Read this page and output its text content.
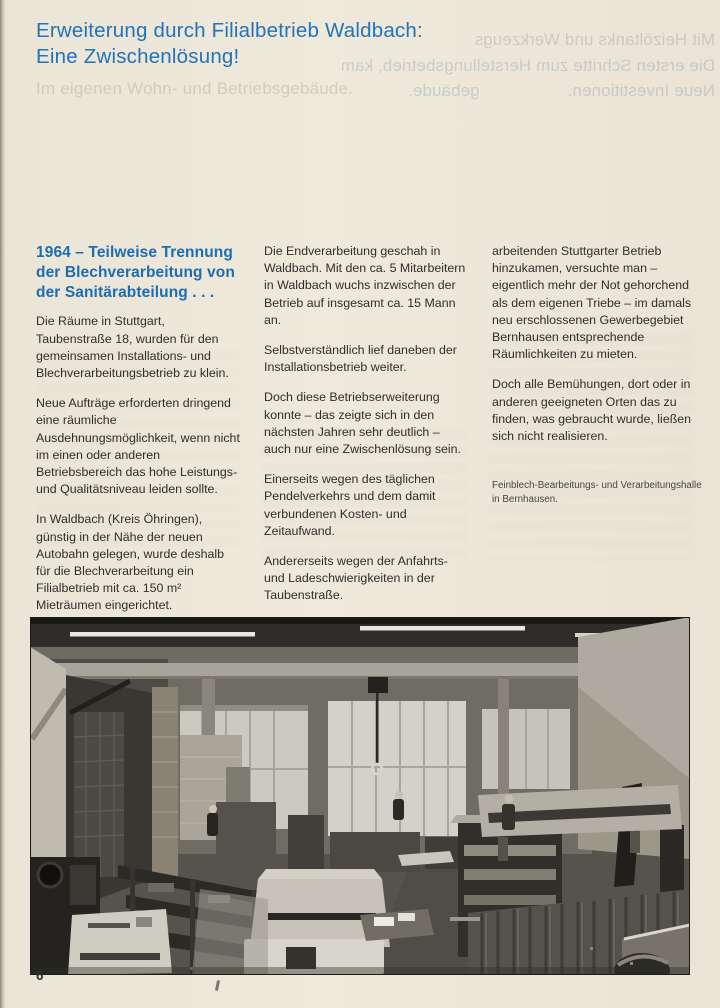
Mit Heizöltanks und Werkzeugs
Die ersten Schritte zum Herstellungsbetrieb, kam
Neue Investitionen.
gebäude.
Im eigenen Wohn- und Betriebsgebäude.
Erweiterung durch Filialbetrieb Waldbach:
Eine Zwischenlösung!
1964 – Teilweise Trennung der Blechverarbeitung von der Sanitärabteilung . . .

Die Räume in Stuttgart, Taubenstraße 18, wurden für den gemeinsamen Installations- und Blechverarbeitungsbetrieb zu klein.

Neue Aufträge erforderten dringend eine räumliche Ausdehnungsmöglichkeit, wenn nicht im einen oder anderen Betriebsbereich das hohe Leistungs- und Qualitätsniveau leiden sollte.

In Waldbach (Kreis Öhringen), günstig in der Nähe der neuen Autobahn gelegen, wurde deshalb für die Blechverarbeitung ein Filialbetrieb mit ca. 150 m² Mieträumen eingerichtet.

Die Endverarbeitung geschah in Waldbach. Mit den ca. 5 Mitarbeitern in Waldbach wuchs inzwischen der Betrieb auf insgesamt ca. 15 Mann an.

Selbstverständlich lief daneben der Installationsbetrieb weiter.

Doch diese Betriebserweiterung konnte – das zeigte sich in den nächsten Jahren sehr deutlich – auch nur eine Zwischenlösung sein.

Einerseits wegen des täglichen Pendelverkehrs und dem damit verbundenen Kosten- und Zeitaufwand.

Andererseits wegen der Anfahrts- und Ladeschwierigkeiten in der Taubenstraße.

arbeitenden Stuttgarter Betrieb hinzukamen, versuchte man – eigentlich mehr der Not gehorchend als dem eigenen Triebe – im damals neu erschlossenen Gewerbegebiet Bernhausen entsprechende Räumlichkeiten zu mieten.

Doch alle Bemühungen, dort oder in anderen geeigneten Orten das zu finden, was gebraucht wurde, ließen sich nicht realisieren.

Feinblech-Bearbeitungs- und Verarbeitungshalle in Bernhausen.
6
